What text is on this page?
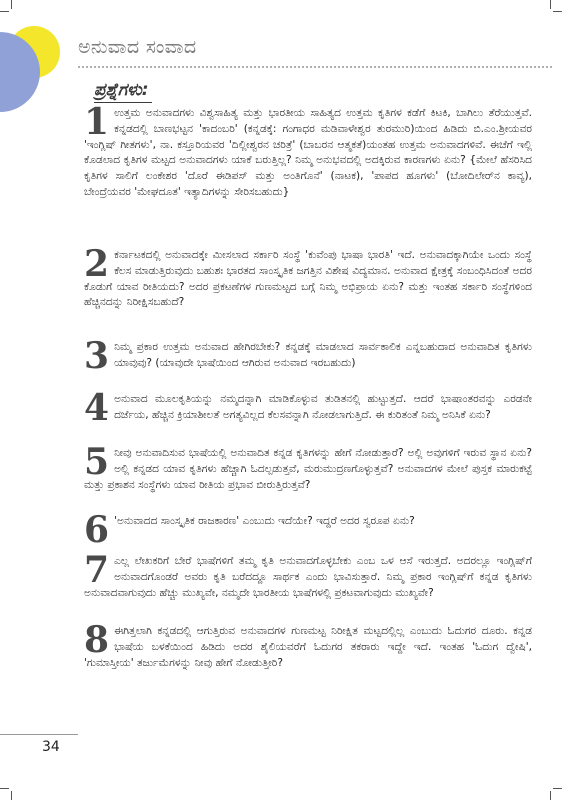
ಅನುವಾದ ಸಂವಾದ
ಪ್ರಶ್ನೆಗಳು:
1 ಉತ್ತಮ ಅನುವಾದಗಳು ವಿಶ್ವಸಾಹಿತ್ಯ ಮತ್ತು ಭಾರತೀಯ ಸಾಹಿತ್ಯದ ಉತ್ತಮ ಕೃತಿಗಳ ಕಡೆಗೆ ಕಿಟಕಿ, ಬಾಗಿಲು ತೆರೆಯುತ್ತವೆ. ಕನ್ನಡದಲ್ಲಿ ಬಾಣಭಟ್ಟನ 'ಕಾದಂಬರಿ' (ಕನ್ನಡಕ್ಕೆ: ಗಂಗಾಧರ ಮಡಿವಾಳೇಶ್ವರ ತುರಮುರಿ)ಯಿಂದ ಹಿಡಿದು ಬಿ.ಎಂ.ಶ್ರೀಯವರ 'ಇಂಗ್ಲಿಷ್ ಗೀತಗಳು', ನಾ. ಕಸ್ತೂರಿಯವರ 'ದಿಲ್ಲೀಶ್ವರನ ಚರಿತ್ರೆ' (ಬಾಬರನ ಆತ್ಮಕತೆ)ಯಂತಹ ಉತ್ತಮ ಅನುವಾದಗಳಿವೆ. ಈಚೆಗೆ ಇಲ್ಲಿ ಕೊಡಲಾದ ಕೃತಿಗಳ ಮಟ್ಟದ ಅನುವಾದಗಳು ಯಾಕೆ ಬರುತ್ತಿಲ್ಲ? ನಿಮ್ಮ ಅನುಭವದಲ್ಲಿ ಅದಕ್ಕಿರುವ ಕಾರಣಗಳು ಏನು? {ಮೇಲೆ ಹೆಸರಿಸಿದ ಕೃತಿಗಳ ಸಾಲಿಗೆ ಲಂಕೇಶರ 'ದೊರೆ ಈಡಿಪಸ್ ಮತ್ತು ಅಂತಿಗೊನೆ' (ನಾಟಕ), 'ಪಾಪದ ಹೂಗಳು' (ಬೋದಿಲೇರ್‌ನ ಕಾವ್ಯ), ಬೇಂದ್ರೆಯವರ 'ಮೇಘದೂತ' ಇತ್ಯಾದಿಗಳನ್ನು ಸೇರಿಸಬಹುದು}
2 ಕರ್ನಾಟಕದಲ್ಲಿ ಅನುವಾದಕ್ಕೇ ಮೀಸಲಾದ ಸರ್ಕಾರಿ ಸಂಸ್ಥೆ 'ಕುವೆಂಪು ಭಾಷಾ ಭಾರತಿ' ಇದೆ. ಅನುವಾದಕ್ಕಾಗಿಯೇ ಒಂದು ಸಂಸ್ಥೆ ಕೆಲಸ ಮಾಡುತ್ತಿರುವುದು ಬಹುಶಃ ಭಾರತದ ಸಾಂಸ್ಕೃತಿಕ ಜಗತ್ತಿನ ವಿಶೇಷ ವಿದ್ಯಮಾನ. ಅನುವಾದ ಕ್ಷೇತ್ರಕ್ಕೆ ಸಂಬಂಧಿಸಿದಂತೆ ಅದರ ಕೊಡುಗೆ ಯಾವ ರೀತಿಯದು? ಅದರ ಪ್ರಕಟಣೆಗಳ ಗುಣಮಟ್ಟದ ಬಗ್ಗೆ ನಿಮ್ಮ ಅಭಿಪ್ರಾಯ ಏನು? ಮತ್ತು ಇಂತಹ ಸರ್ಕಾರಿ ಸಂಸ್ಥೆಗಳಿಂದ ಹೆಚ್ಚಿನದನ್ನು ನಿರೀಕ್ಷಿಸಬಹುದೆ?
3 ನಿಮ್ಮ ಪ್ರಕಾರ ಉತ್ತಮ ಅನುವಾದ ಹೇಗಿರಬೇಕು? ಕನ್ನಡಕ್ಕೆ ಮಾಡಲಾದ ಸಾರ್ವಕಾಲಿಕ ಎನ್ನಬಹುದಾದ ಅನುವಾದಿತ ಕೃತಿಗಳು ಯಾವುವು? (ಯಾವುದೇ ಭಾಷೆಯಿಂದ ಆಗಿರುವ ಅನುವಾದ ಇರಬಹುದು)
4 ಅನುವಾದ ಮೂಲಕೃತಿಯನ್ನು ನಮ್ಮದನ್ನಾಗಿ ಮಾಡಿಕೊಳ್ಳುವ ತುಡಿತನಲ್ಲಿ ಹುಟ್ಟುತ್ತದೆ. ಆದರೆ ಭಾಷಾಂತರವನ್ನು ಎರಡನೇ ದರ್ಜೆಯ, ಹೆಚ್ಚಿನ ಕ್ರಿಯಾಶೀಲತೆ ಅಗತ್ಯವಿಲ್ಲದ ಕೆಲಸವನ್ನಾಗಿ ನೋಡಲಾಗುತ್ತಿದೆ. ಈ ಕುರಿತಂತೆ ನಿಮ್ಮ ಅನಿಸಿಕೆ ಏನು?
5 ನೀವು ಅನುವಾದಿಸುವ ಭಾಷೆಯಲ್ಲಿ ಅನುವಾದಿತ ಕನ್ನಡ ಕೃತಿಗಳನ್ನು ಹೇಗೆ ನೋಡುತ್ತಾರೆ? ಅಲ್ಲಿ ಅವುಗಳಿಗೆ ಇರುವ ಸ್ಥಾನ ಏನು? ಅಲ್ಲಿ ಕನ್ನಡದ ಯಾವ ಕೃತಿಗಳು ಹೆಚ್ಚಾಗಿ ಓದಲ್ಪಡುತ್ತವೆ, ಮರುಮುದ್ರಣಗೊಳ್ಳುತ್ತವೆ? ಅನುವಾದಗಳ ಮೇಲೆ ಪುಸ್ತಕ ಮಾರುಕಟ್ಟೆ ಮತ್ತು ಪ್ರಕಾಶನ ಸಂಸ್ಥೆಗಳು ಯಾವ ರೀತಿಯ ಪ್ರಭಾವ ಬೀರುತ್ತಿರುತ್ತವೆ?
6 'ಅನುವಾದದ ಸಾಂಸ್ಕೃತಿಕ ರಾಜಕಾರಣ' ಎಂಬುದು ಇದೆಯೇ? ಇದ್ದರೆ ಅದರ ಸ್ವರೂಪ ಏನು?
7 ಎಲ್ಲ ಲೇಖಕರಿಗೆ ಬೇರೆ ಭಾಷೆಗಳಿಗೆ ತಮ್ಮ ಕೃತಿ ಅನುವಾದಗೊಳ್ಳಬೇಕು ಎಂಬ ಒಳ ಆಸೆ ಇರುತ್ತದೆ. ಅದರಲ್ಲೂ ಇಂಗ್ಲಿಷ್‌ಗೆ ಅನುವಾದಗೊಂಡರೆ ಅವರು ಕೃತಿ ಬರೆದದ್ದೂ ಸಾರ್ಥಕ ಎಂದು ಭಾವಿಸುತ್ತಾರೆ. ನಿಮ್ಮ ಪ್ರಕಾರ ಇಂಗ್ಲಿಷ್‌ಗೆ ಕನ್ನಡ ಕೃತಿಗಳು ಅನುವಾದವಾಗುವುದು ಹೆಚ್ಚು ಮುಖ್ಯವೇ, ನಮ್ಮದೇ ಭಾರತೀಯ ಭಾಷೆಗಳಲ್ಲಿ ಪ್ರಕಟವಾಗುವುದು ಮುಖ್ಯವೇ?
8 ಈಗಿತ್ತಲಾಗಿ ಕನ್ನಡದಲ್ಲಿ ಆಗುತ್ತಿರುವ ಅನುವಾದಗಳ ಗುಣಮಟ್ಟ ನಿರೀಕ್ಷಿತ ಮಟ್ಟದಲ್ಲಿಲ್ಲ ಎಂಬುದು ಓದುಗರ ದೂರು. ಕನ್ನಡ ಭಾಷೆಯ ಬಳಕೆಯಿಂದ ಹಿಡಿದು ಅದರ ಶೈಲಿಯವರೆಗೆ ಓದುಗರ ತಕರಾರು ಇದ್ದೇ ಇದೆ. ಇಂತಹ 'ಓದುಗ ದ್ವೇಷಿ', 'ಗುಮಾಸ್ತೀಯ' ತರ್ಜುಮೆಗಳನ್ನು ನೀವು ಹೇಗೆ ನೋಡುತ್ತೀರಿ?
34
